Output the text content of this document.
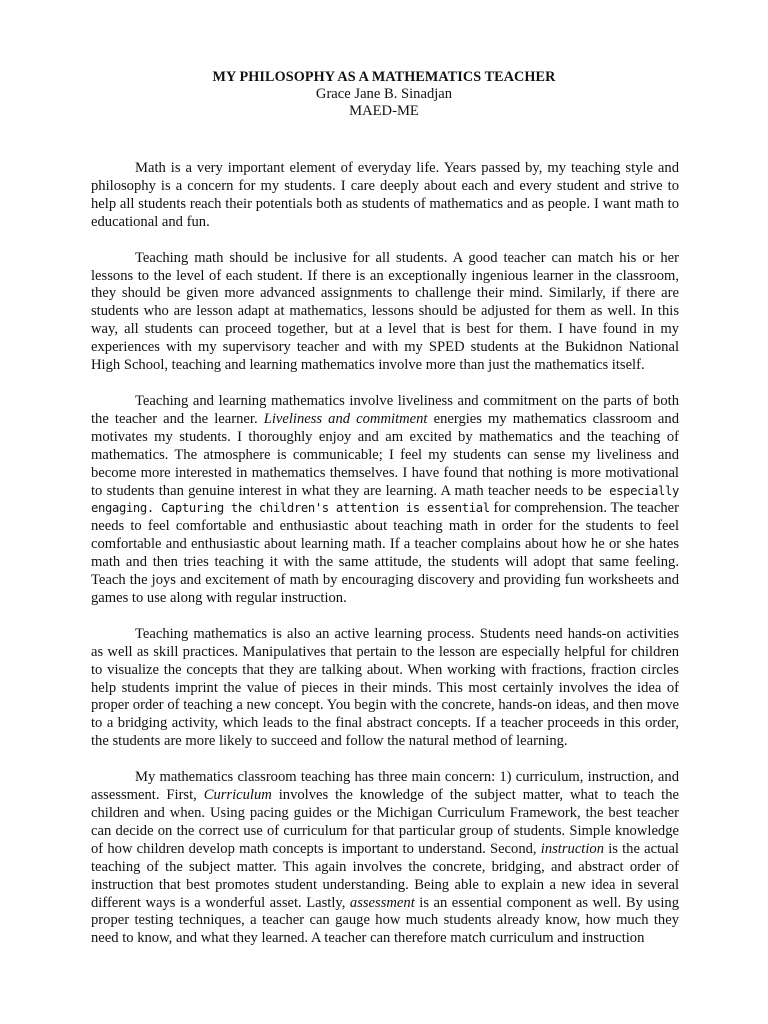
MY PHILOSOPHY AS A MATHEMATICS TEACHER
Grace Jane B. Sinadjan
MAED-ME

Math is a very important element of everyday life. Years passed by, my teaching style and philosophy is a concern for my students. I care deeply about each and every student and strive to help all students reach their potentials both as students of mathematics and as people. I want math to educational and fun.

Teaching math should be inclusive for all students. A good teacher can match his or her lessons to the level of each student. If there is an exceptionally ingenious learner in the classroom, they should be given more advanced assignments to challenge their mind. Similarly, if there are students who are lesson adapt at mathematics, lessons should be adjusted for them as well. In this way, all students can proceed together, but at a level that is best for them. I have found in my experiences with my supervisory teacher and with my SPED students at the Bukidnon National High School, teaching and learning mathematics involve more than just the mathematics itself.

Teaching and learning mathematics involve liveliness and commitment on the parts of both the teacher and the learner. Liveliness and commitment energies my mathematics classroom and motivates my students. I thoroughly enjoy and am excited by mathematics and the teaching of mathematics. The atmosphere is communicable; I feel my students can sense my liveliness and become more interested in mathematics themselves. I have found that nothing is more motivational to students than genuine interest in what they are learning. A math teacher needs to be especially engaging. Capturing the children's attention is essential for comprehension. The teacher needs to feel comfortable and enthusiastic about teaching math in order for the students to feel comfortable and enthusiastic about learning math. If a teacher complains about how he or she hates math and then tries teaching it with the same attitude, the students will adopt that same feeling. Teach the joys and excitement of math by encouraging discovery and providing fun worksheets and games to use along with regular instruction.

Teaching mathematics is also an active learning process. Students need hands-on activities as well as skill practices. Manipulatives that pertain to the lesson are especially helpful for children to visualize the concepts that they are talking about. When working with fractions, fraction circles help students imprint the value of pieces in their minds. This most certainly involves the idea of proper order of teaching a new concept. You begin with the concrete, hands-on ideas, and then move to a bridging activity, which leads to the final abstract concepts. If a teacher proceeds in this order, the students are more likely to succeed and follow the natural method of learning.

My mathematics classroom teaching has three main concern: 1) curriculum, instruction, and assessment. First, Curriculum involves the knowledge of the subject matter, what to teach the children and when. Using pacing guides or the Michigan Curriculum Framework, the best teacher can decide on the correct use of curriculum for that particular group of students. Simple knowledge of how children develop math concepts is important to understand. Second, instruction is the actual teaching of the subject matter. This again involves the concrete, bridging, and abstract order of instruction that best promotes student understanding. Being able to explain a new idea in several different ways is a wonderful asset. Lastly, assessment is an essential component as well. By using proper testing techniques, a teacher can gauge how much students already know, how much they need to know, and what they learned. A teacher can therefore match curriculum and instruction
